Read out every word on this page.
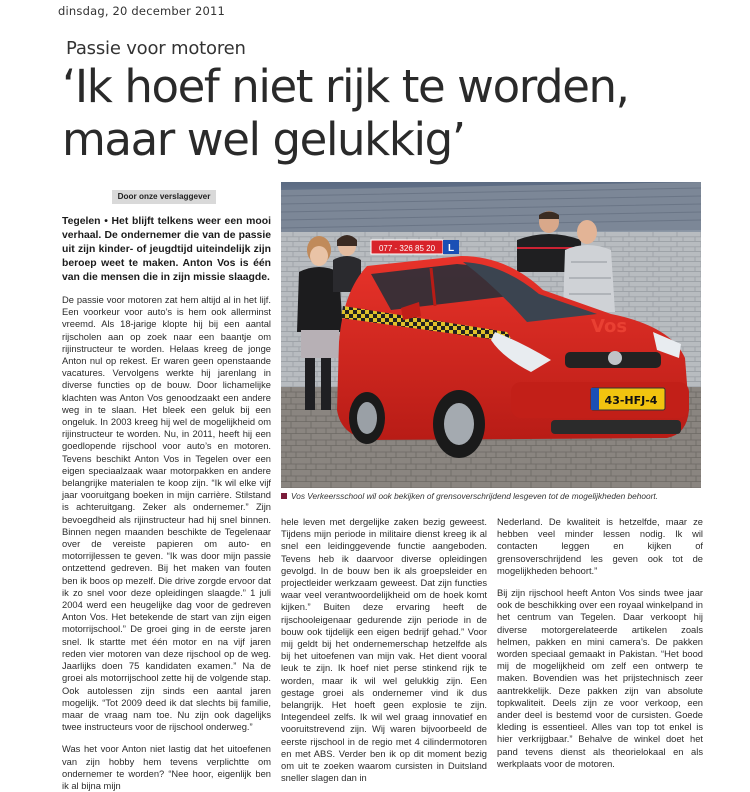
dinsdag, 20 december 2011
Passie voor motoren
‘Ik hoef niet rijk te worden,
maar wel gelukkig’
Door onze verslaggever
Tegelen • Het blijft telkens weer een mooi verhaal. De ondernemer die van de passie uit zijn kinder- of jeugdtijd uiteindelijk zijn beroep weet te maken. Anton Vos is één van die mensen die in zijn missie slaagde.

De passie voor motoren zat hem altijd al in het lijf. Een voorkeur voor auto’s is hem ook allerminst vreemd. Als 18-jarige klopte hij bij een aantal rijscholen aan op zoek naar een baantje om rijinstructeur te worden. Helaas kreeg de jonge Anton nul op rekest. Er waren geen openstaande vacatures. Vervolgens werkte hij jarenlang in diverse functies op de bouw. Door lichamelijke klachten was Anton Vos genoodzaakt een andere weg in te slaan. Het bleek een geluk bij een ongeluk. In 2003 kreeg hij wel de mogelijkheid om rijinstructeur te worden. Nu, in 2011, heeft hij een goedlopende rijschool voor auto’s en motoren. Tevens beschikt Anton Vos in Tegelen over een eigen speciaalzaak waar motorpakken en andere belangrijke materialen te koop zijn. “Ik wil elke vijf jaar vooruitgang boeken in mijn carrière. Stilstand is achteruitgang. Zeker als ondernemer.” Zijn bevoegdheid als rijinstructeur had hij snel binnen. Binnen negen maanden beschikte de Tegelenaar over de vereiste papieren om auto- en motorrijlessen te geven. “Ik was door mijn passie ontzettend gedreven. Bij het maken van fouten ben ik boos op mezelf. Die drive zorgde ervoor dat ik zo snel voor deze opleidingen slaagde.” 1 juli 2004 werd een heugelijke dag voor de gedreven Anton Vos. Het betekende de start van zijn eigen motorrijschool.” De groei ging in de eerste jaren snel. Ik startte met één motor en na vijf jaren reden vier motoren van deze rijschool op de weg. Jaarlijks doen 75 kandidaten examen.” Na de groei als motorrijschool zette hij de volgende stap. Ook autolessen zijn sinds een aantal jaren mogelijk. “Tot 2009 deed ik dat slechts bij familie, maar de vraag nam toe. Nu zijn ook dagelijks twee instructeurs voor de rijschool onderweg.”

Was het voor Anton niet lastig dat het uitoefenen van zijn hobby hem tevens verplichtte om ondernemer te worden? “Nee hoor, eigenlijk ben ik al bijna mijn

077 - 326 85 20 L
Vos
43-HFJ-4
Vos Verkeersschool wil ook bekijken of grensoverschrijdend lesgeven tot de mogelijkheden behoort.

hele leven met dergelijke zaken bezig geweest. Tijdens mijn periode in militaire dienst kreeg ik al snel een leidinggevende functie aangeboden. Tevens heb ik daarvoor diverse opleidingen gevolgd. In de bouw ben ik als groepsleider en projectleider werkzaam geweest. Dat zijn functies waar veel verantwoordelijkheid om de hoek komt kijken.” Buiten deze ervaring heeft de rijschooleigenaar gedurende zijn periode in de bouw ook tijdelijk een eigen bedrijf gehad.” Voor mij geldt bij het ondernemerschap hetzelfde als bij het uitoefenen van mijn vak. Het dient vooral leuk te zijn. Ik hoef niet perse stinkend rijk te worden, maar ik wil wel gelukkig zijn. Een gestage groei als ondernemer vind ik dus belangrijk. Het hoeft geen explosie te zijn. Integendeel zelfs. Ik wil wel graag innovatief en vooruitstrevend zijn. Wij waren bijvoorbeeld de eerste rijschool in de regio met 4 cilindermotoren en met ABS. Verder ben ik op dit moment bezig om uit te zoeken waarom cursisten in Duitsland sneller slagen dan in

Nederland. De kwaliteit is hetzelfde, maar ze hebben veel minder lessen nodig. Ik wil contacten leggen en kijken of grensoverschrijdend les geven ook tot de mogelijkheden behoort.”

Bij zijn rijschool heeft Anton Vos sinds twee jaar ook de beschikking over een royaal winkelpand in het centrum van Tegelen. Daar verkoopt hij diverse motorgerelateerde artikelen zoals helmen, pakken en mini camera’s. De pakken worden speciaal gemaakt in Pakistan. “Het bood mij de mogelijkheid om zelf een ontwerp te maken. Bovendien was het prijstechnisch zeer aantrekkelijk. Deze pakken zijn van absolute topkwaliteit. Deels zijn ze voor verkoop, een ander deel is bestemd voor de cursisten. Goede kleding is essentieel. Alles van top tot enkel is hier verkrijgbaar.” Behalve de winkel doet het pand tevens dienst als theorielokaal en als werkplaats voor de motoren.
